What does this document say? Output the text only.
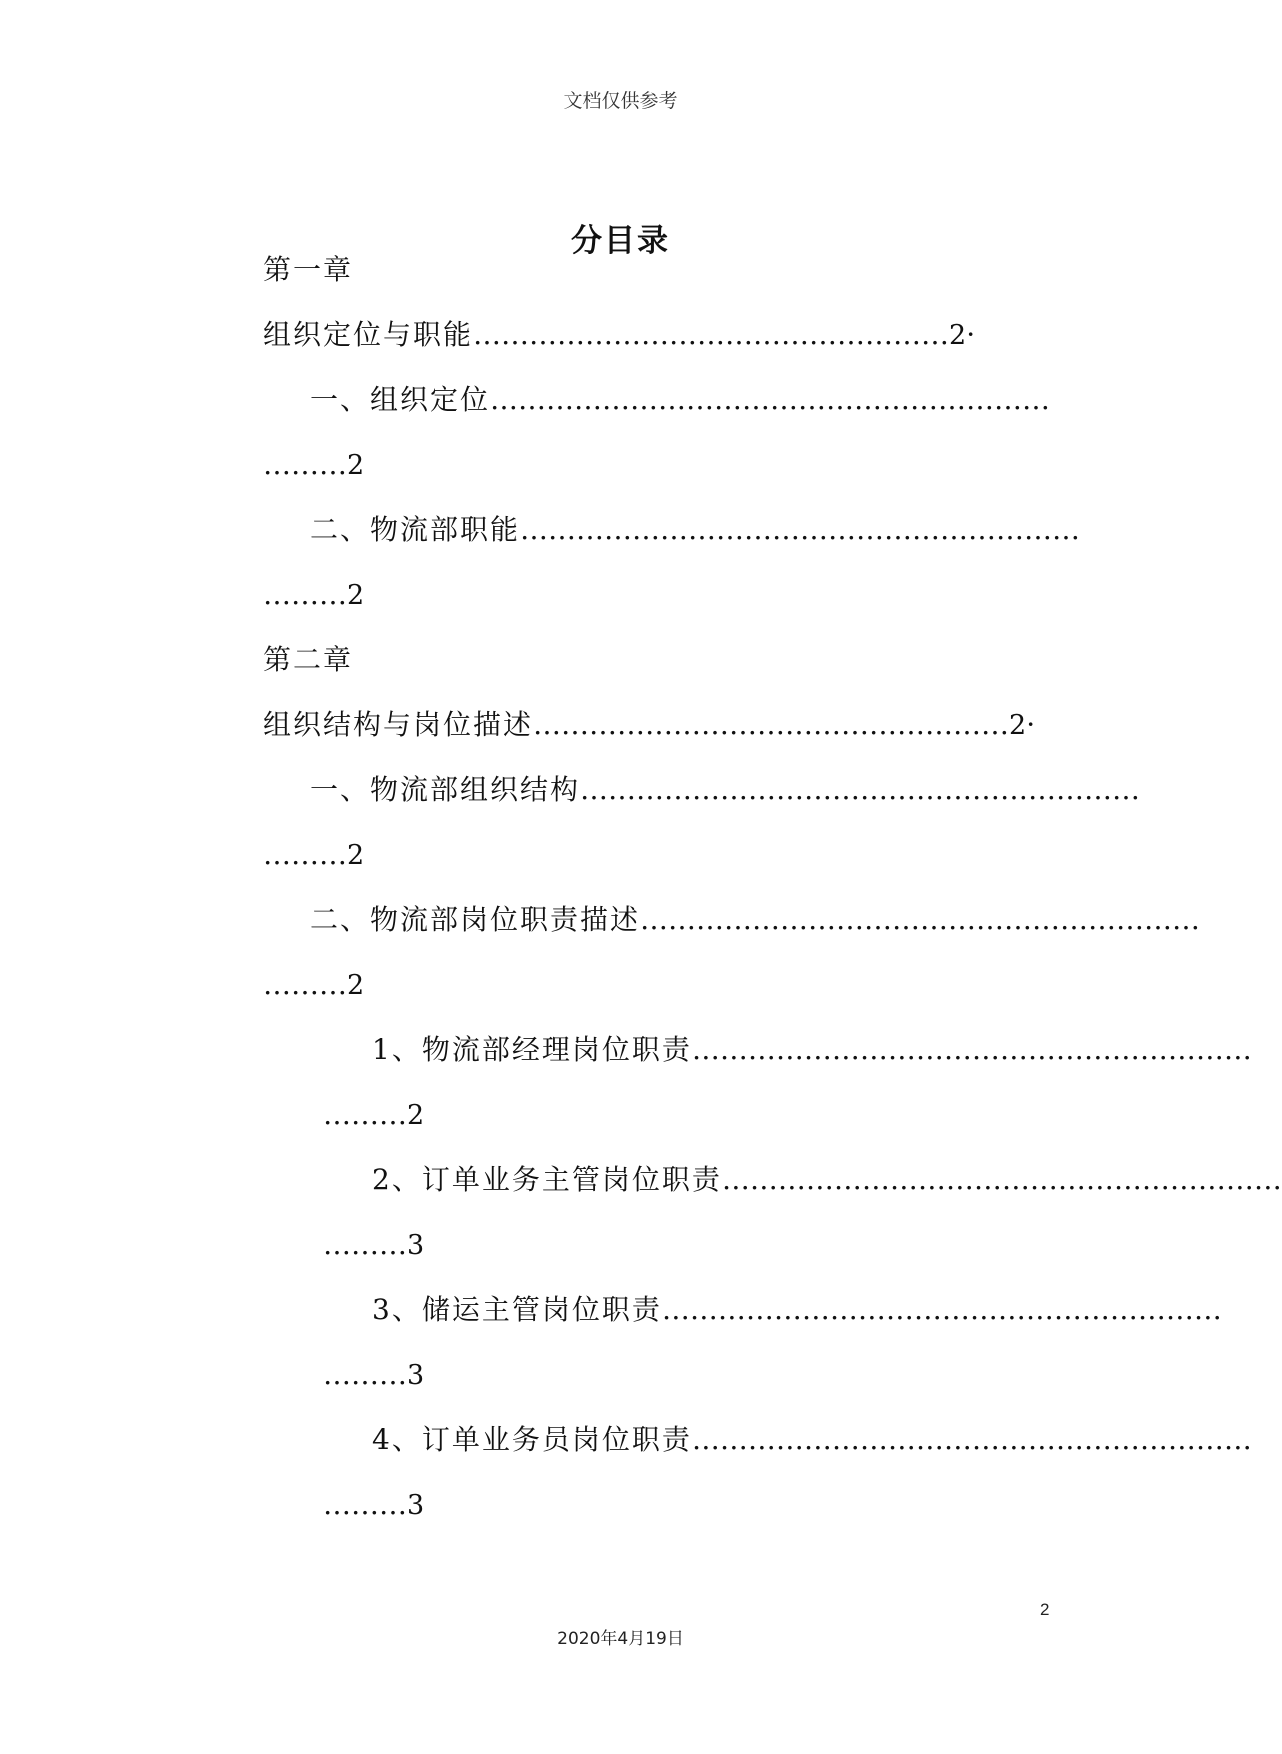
文档仅供参考
分目录
第一章
组织定位与职能……………………………………………2·
一、组织定位……………………………………………………
………2
二、物流部职能……………………………………………………
………2
第二章
组织结构与岗位描述……………………………………………2·
一、物流部组织结构……………………………………………………
………2
二、物流部岗位职责描述……………………………………………………
………2
1、物流部经理岗位职责……………………………………………………
………2
2、订单业务主管岗位职责……………………………………………………
………3
3、储运主管岗位职责……………………………………………………
………3
4、订单业务员岗位职责……………………………………………………
………3
2
2020年4月19日
